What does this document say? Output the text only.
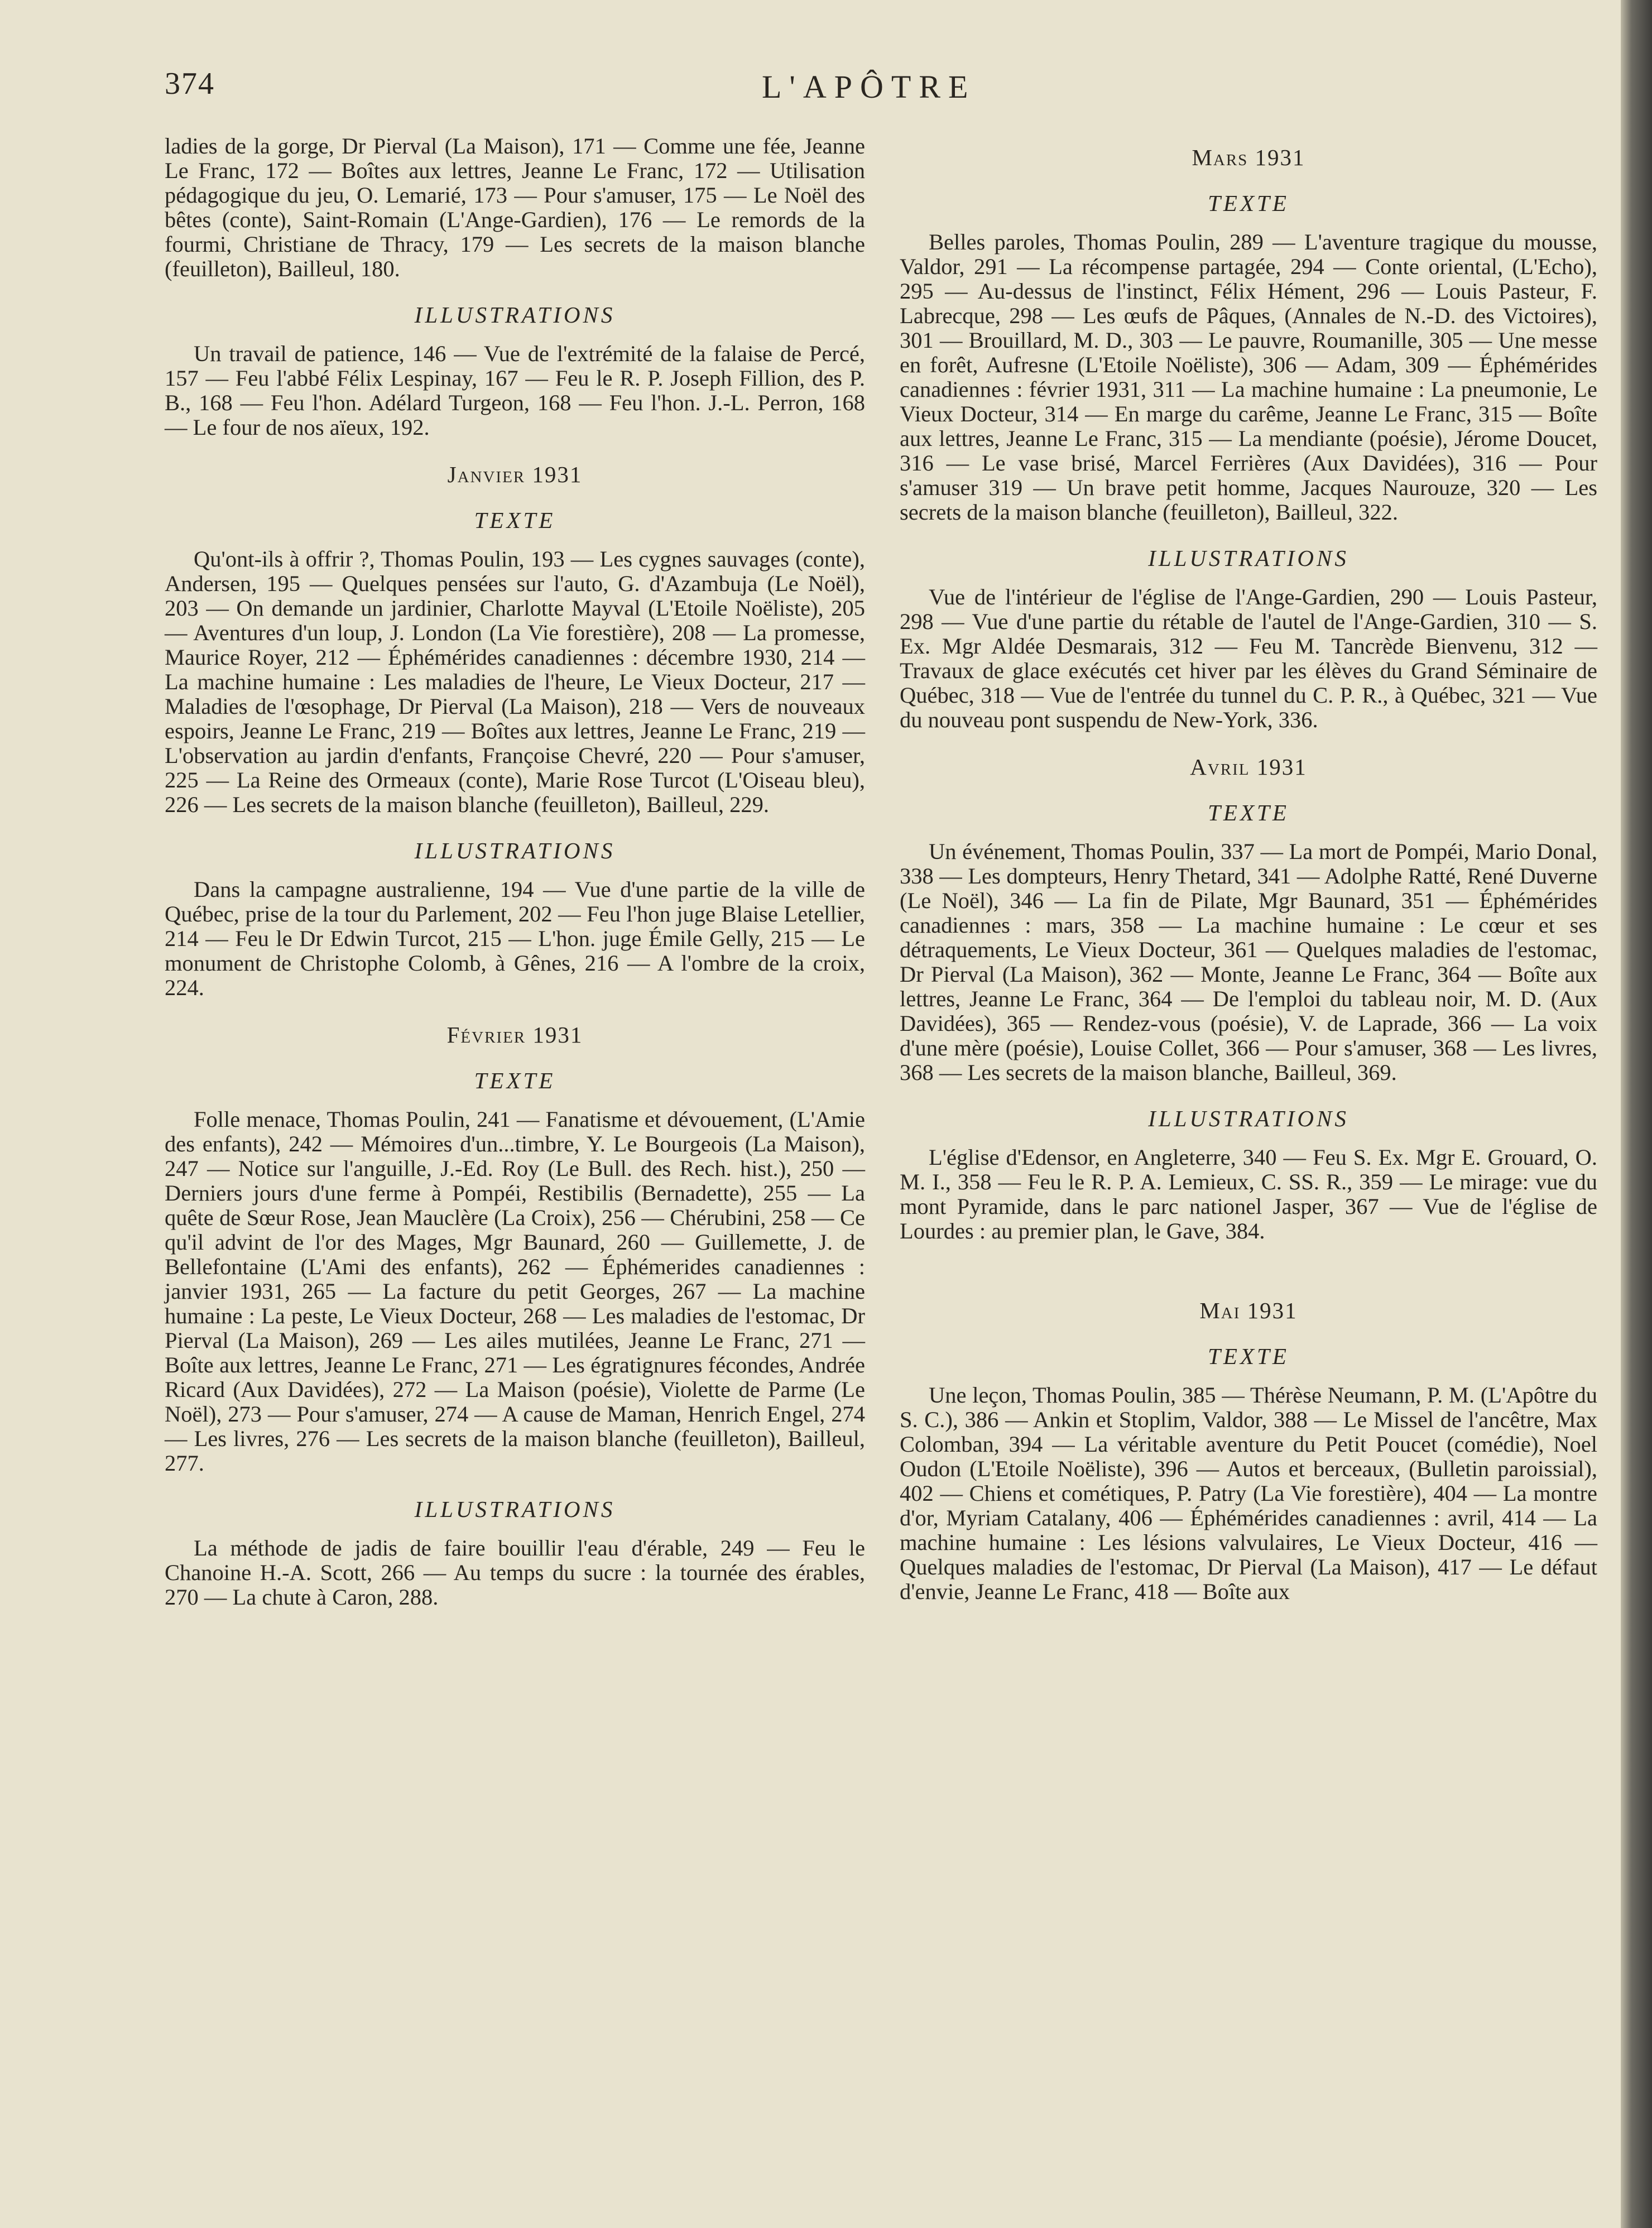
374	L'APÔTRE

ladies de la gorge, Dr Pierval (La Maison), 171 — Comme une fée, Jeanne Le Franc, 172 — Boîtes aux lettres, Jeanne Le Franc, 172 — Utilisation pédagogique du jeu, O. Lemarié, 173 — Pour s'amuser, 175 — Le Noël des bêtes (conte), Saint-Romain (L'Ange-Gardien), 176 — Le remords de la fourmi, Christiane de Thracy, 179 — Les secrets de la maison blanche (feuilleton), Bailleul, 180.

ILLUSTRATIONS

Un travail de patience, 146 — Vue de l'extrémité de la falaise de Percé, 157 — Feu l'abbé Félix Lespinay, 167 — Feu le R. P. Joseph Fillion, des P. B., 168 — Feu l'hon. Adélard Turgeon, 168 — Feu l'hon. J.-L. Perron, 168 — Le four de nos aïeux, 192.

Janvier 1931
TEXTE

Qu'ont-ils à offrir ?, Thomas Poulin, 193 — Les cygnes sauvages (conte), Andersen, 195 — Quelques pensées sur l'auto, G. d'Azambuja (Le Noël), 203 — On demande un jardinier, Charlotte Mayval (L'Etoile Noëliste), 205 — Aventures d'un loup, J. London (La Vie forestière), 208 — La promesse, Maurice Royer, 212 — Éphémérides canadiennes : décembre 1930, 214 — La machine humaine : Les maladies de l'heure, Le Vieux Docteur, 217 — Maladies de l'œsophage, Dr Pierval (La Maison), 218 — Vers de nouveaux espoirs, Jeanne Le Franc, 219 — Boîtes aux lettres, Jeanne Le Franc, 219 — L'observation au jardin d'enfants, Françoise Chevré, 220 — Pour s'amuser, 225 — La Reine des Ormeaux (conte), Marie Rose Turcot (L'Oiseau bleu), 226 — Les secrets de la maison blanche (feuilleton), Bailleul, 229.

ILLUSTRATIONS

Dans la campagne australienne, 194 — Vue d'une partie de la ville de Québec, prise de la tour du Parlement, 202 — Feu l'hon juge Blaise Letellier, 214 — Feu le Dr Edwin Turcot, 215 — L'hon. juge Émile Gelly, 215 — Le monument de Christophe Colomb, à Gênes, 216 — A l'ombre de la croix, 224.

Février 1931
TEXTE

Folle menace, Thomas Poulin, 241 — Fanatisme et dévouement, (L'Amie des enfants), 242 — Mémoires d'un...timbre, Y. Le Bourgeois (La Maison), 247 — Notice sur l'anguille, J.-Ed. Roy (Le Bull. des Rech. hist.), 250 — Derniers jours d'une ferme à Pompéi, Restibilis (Bernadette), 255 — La quête de Sœur Rose, Jean Mauclère (La Croix), 256 — Chérubini, 258 — Ce qu'il advint de l'or des Mages, Mgr Baunard, 260 — Guillemette, J. de Bellefontaine (L'Ami des enfants), 262 — Éphémerides canadiennes : janvier 1931, 265 — La facture du petit Georges, 267 — La machine humaine : La peste, Le Vieux Docteur, 268 — Les maladies de l'estomac, Dr Pierval (La Maison), 269 — Les ailes mutilées, Jeanne Le Franc, 271 — Boîte aux lettres, Jeanne Le Franc, 271 — Les égratignures fécondes, Andrée Ricard (Aux Davidées), 272 — La Maison (poésie), Violette de Parme (Le Noël), 273 — Pour s'amuser, 274 — A cause de Maman, Henrich Engel, 274 — Les livres, 276 — Les secrets de la maison blanche (feuilleton), Bailleul, 277.

ILLUSTRATIONS

La méthode de jadis de faire bouillir l'eau d'érable, 249 — Feu le Chanoine H.-A. Scott, 266 — Au temps du sucre : la tournée des érables, 270 — La chute à Caron, 288.

Mars 1931
TEXTE

Belles paroles, Thomas Poulin, 289 — L'aventure tragique du mousse, Valdor, 291 — La récompense partagée, 294 — Conte oriental, (L'Echo), 295 — Au-dessus de l'instinct, Félix Hément, 296 — Louis Pasteur, F. Labrecque, 298 — Les œufs de Pâques, (Annales de N.-D. des Victoires), 301 — Brouillard, M. D., 303 — Le pauvre, Roumanille, 305 — Une messe en forêt, Aufresne (L'Etoile Noëliste), 306 — Adam, 309 — Éphémérides canadiennes : février 1931, 311 — La machine humaine : La pneumonie, Le Vieux Docteur, 314 — En marge du carême, Jeanne Le Franc, 315 — Boîte aux lettres, Jeanne Le Franc, 315 — La mendiante (poésie), Jérome Doucet, 316 — Le vase brisé, Marcel Ferrières (Aux Davidées), 316 — Pour s'amuser 319 — Un brave petit homme, Jacques Naurouze, 320 — Les secrets de la maison blanche (feuilleton), Bailleul, 322.

ILLUSTRATIONS

Vue de l'intérieur de l'église de l'Ange-Gardien, 290 — Louis Pasteur, 298 — Vue d'une partie du rétable de l'autel de l'Ange-Gardien, 310 — S. Ex. Mgr Aldée Desmarais, 312 — Feu M. Tancrède Bienvenu, 312 — Travaux de glace exécutés cet hiver par les élèves du Grand Séminaire de Québec, 318 — Vue de l'entrée du tunnel du C. P. R., à Québec, 321 — Vue du nouveau pont suspendu de New-York, 336.

Avril 1931
TEXTE

Un événement, Thomas Poulin, 337 — La mort de Pompéi, Mario Donal, 338 — Les dompteurs, Henry Thetard, 341 — Adolphe Ratté, René Duverne (Le Noël), 346 — La fin de Pilate, Mgr Baunard, 351 — Éphémérides canadiennes : mars, 358 — La machine humaine : Le cœur et ses détraquements, Le Vieux Docteur, 361 — Quelques maladies de l'estomac, Dr Pierval (La Maison), 362 — Monte, Jeanne Le Franc, 364 — Boîte aux lettres, Jeanne Le Franc, 364 — De l'emploi du tableau noir, M. D. (Aux Davidées), 365 — Rendez-vous (poésie), V. de Laprade, 366 — La voix d'une mère (poésie), Louise Collet, 366 — Pour s'amuser, 368 — Les livres, 368 — Les secrets de la maison blanche, Bailleul, 369.

ILLUSTRATIONS

L'église d'Edensor, en Angleterre, 340 — Feu S. Ex. Mgr E. Grouard, O. M. I., 358 — Feu le R. P. A. Lemieux, C. SS. R., 359 — Le mirage: vue du mont Pyramide, dans le parc nationel Jasper, 367 — Vue de l'église de Lourdes : au premier plan, le Gave, 384.

Mai 1931
TEXTE

Une leçon, Thomas Poulin, 385 — Thérèse Neumann, P. M. (L'Apôtre du S. C.), 386 — Ankin et Stoplim, Valdor, 388 — Le Missel de l'ancêtre, Max Colomban, 394 — La véritable aventure du Petit Poucet (comédie), Noel Oudon (L'Etoile Noëliste), 396 — Autos et berceaux, (Bulletin paroissial), 402 — Chiens et cométiques, P. Patry (La Vie forestière), 404 — La montre d'or, Myriam Catalany, 406 — Éphémérides canadiennes : avril, 414 — La machine humaine : Les lésions valvulaires, Le Vieux Docteur, 416 — Quelques maladies de l'estomac, Dr Pierval (La Maison), 417 — Le défaut d'envie, Jeanne Le Franc, 418 — Boîte aux
